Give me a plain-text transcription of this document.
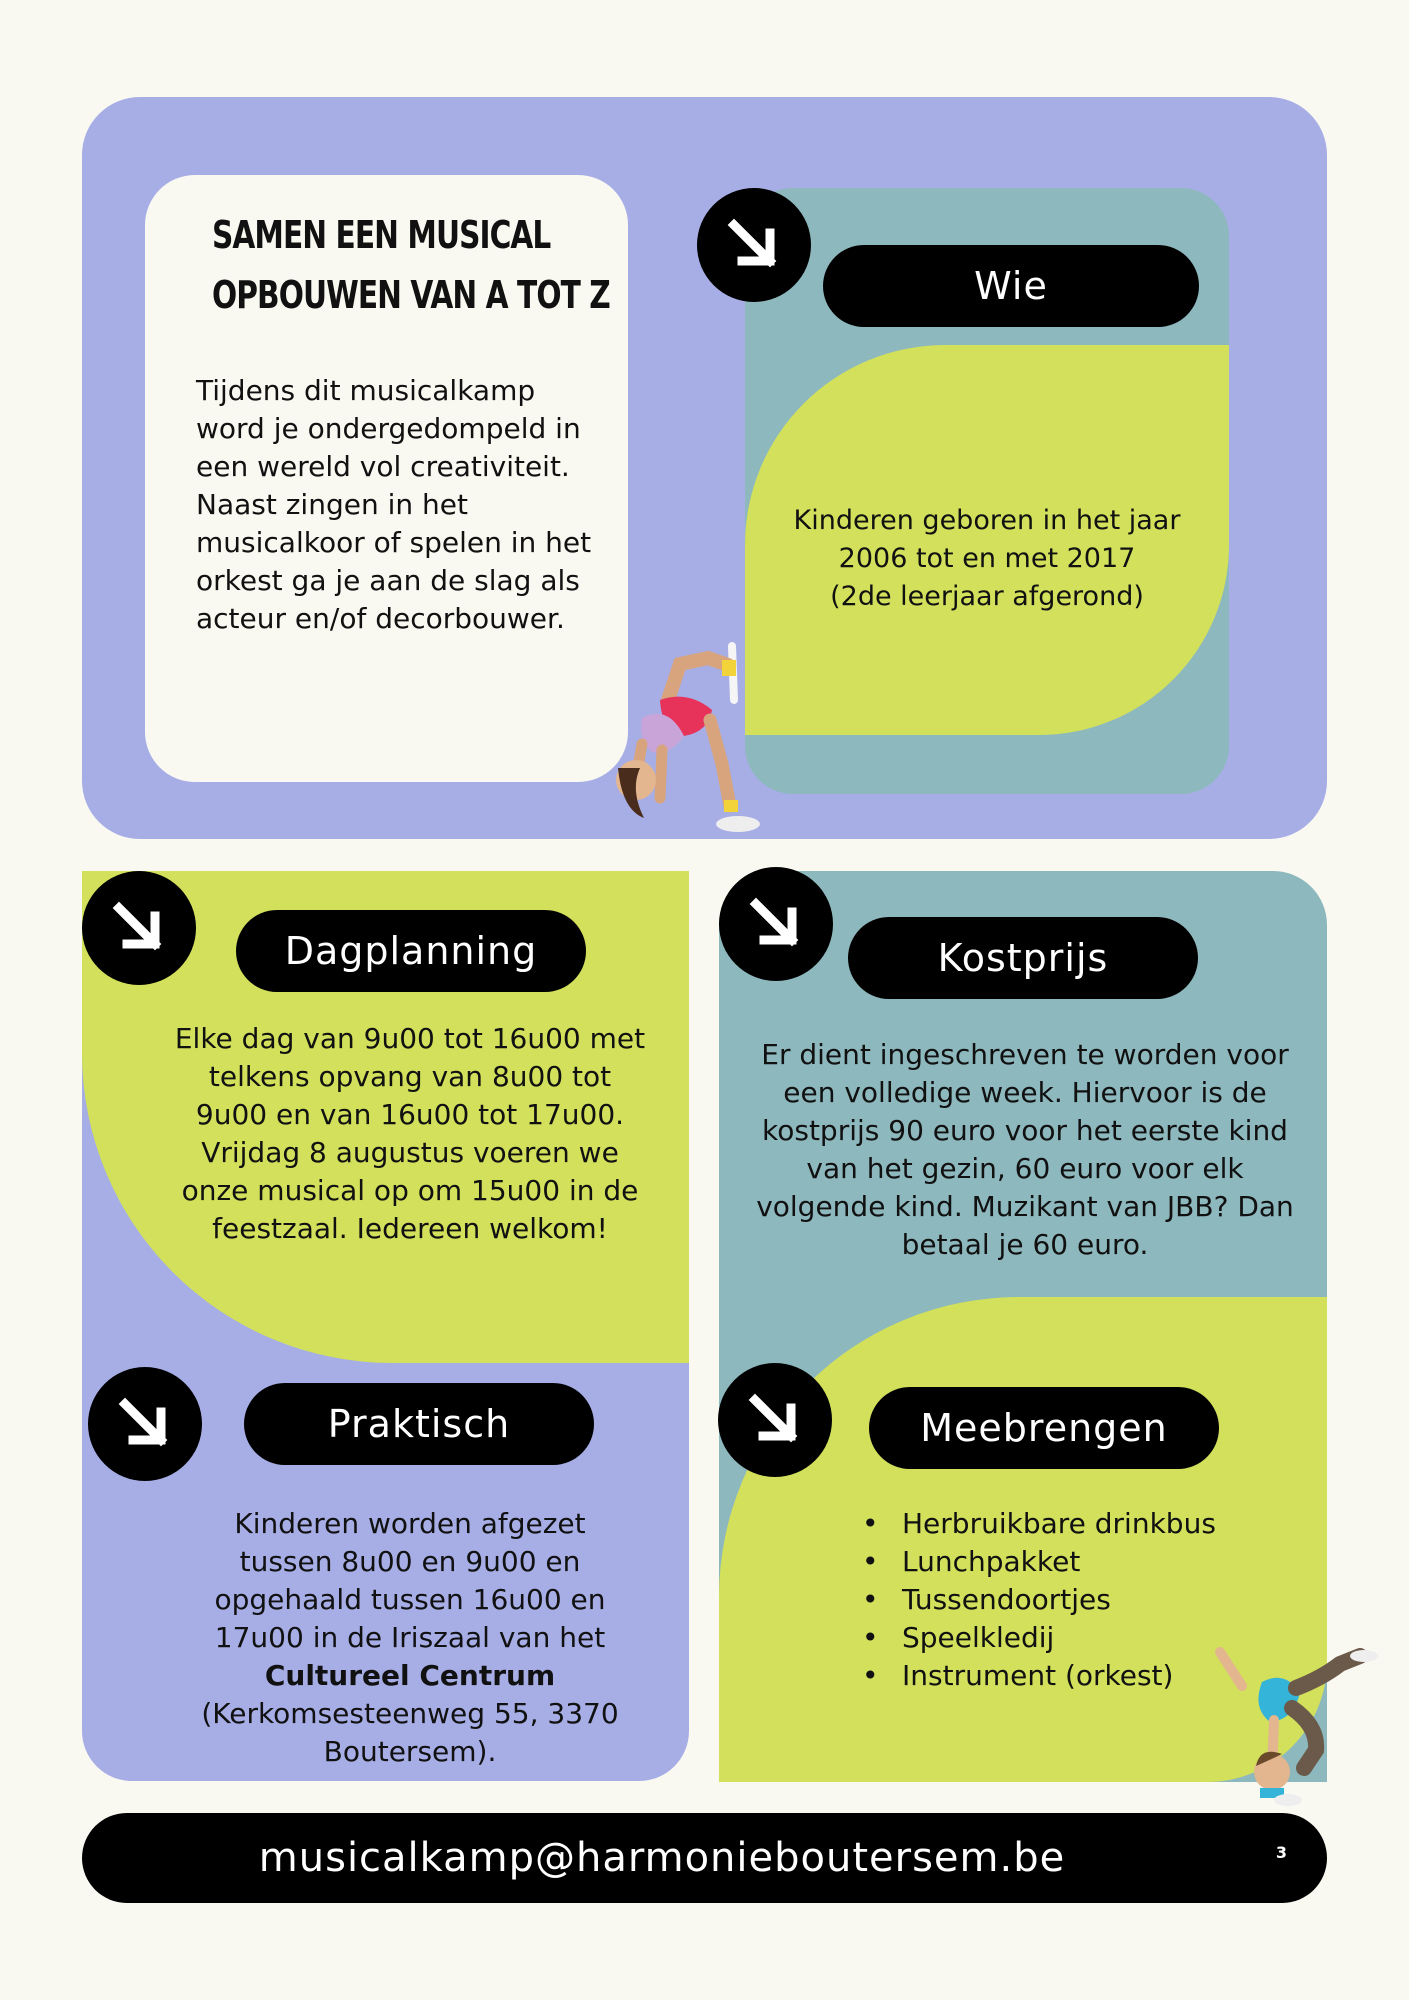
SAMEN EEN MUSICAL
OPBOUWEN VAN A TOT Z
Tijdens dit musicalkamp word je ondergedompeld in een wereld vol creativiteit. Naast zingen in het musicalkoor of spelen in het orkest ga je aan de slag als acteur en/of decorbouwer.
Wie
Kinderen geboren in het jaar
2006 tot en met 2017
(2de leerjaar afgerond)
Dagplanning
Elke dag van 9u00 tot 16u00 met telkens opvang van 8u00 tot 9u00 en van 16u00 tot 17u00.
Vrijdag 8 augustus voeren we onze musical op om 15u00 in de feestzaal. Iedereen welkom!
Praktisch
Kinderen worden afgezet tussen 8u00 en 9u00 en opgehaald tussen 16u00 en 17u00 in de Iriszaal van het Cultureel Centrum (Kerkomsesteenweg 55, 3370 Boutersem).
Kostprijs
Er dient ingeschreven te worden voor een volledige week. Hiervoor is de kostprijs 90 euro voor het eerste kind van het gezin, 60 euro voor elk volgende kind. Muzikant van JBB? Dan betaal je 60 euro.
Meebrengen
• Herbruikbare drinkbus
• Lunchpakket
• Tussendoortjes
• Speelkledij
• Instrument (orkest)
musicalkamp@harmonieboutersem.be	3
